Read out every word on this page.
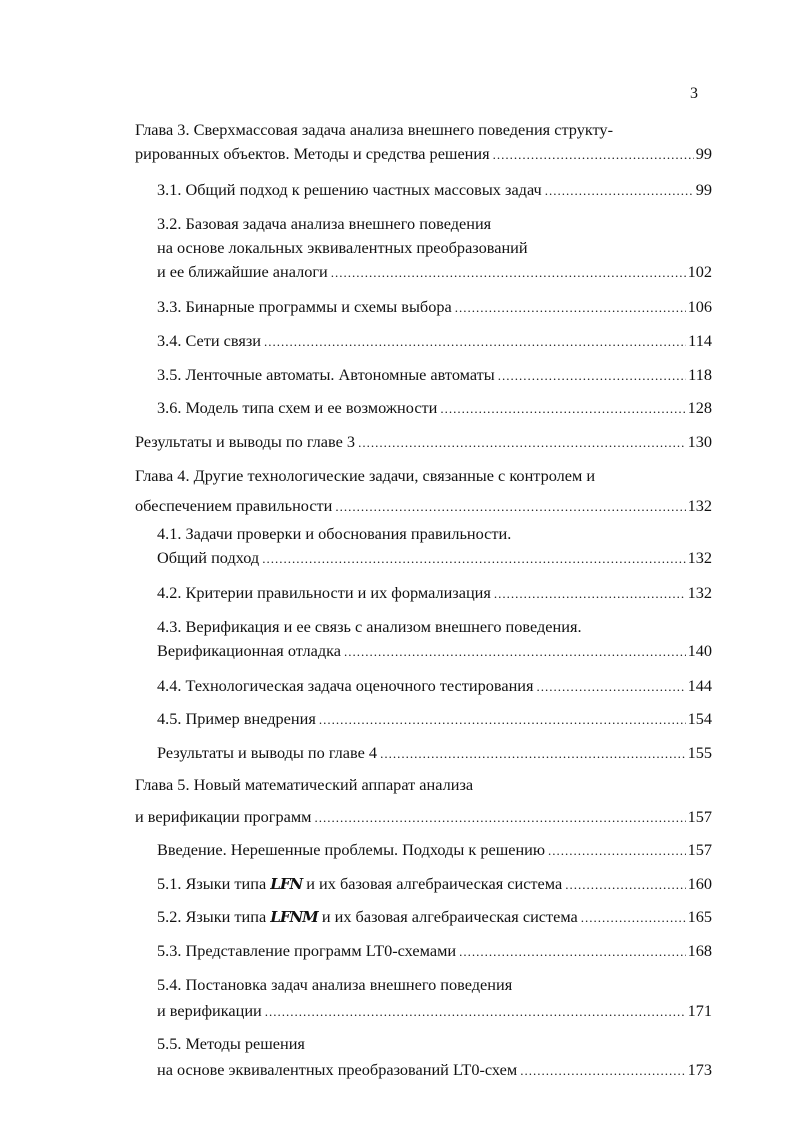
3
Глава 3. Сверхмассовая задача анализа внешнего поведения структу-
рированных объектов. Методы и средства решения .....	99
3.1. Общий подход к решению частных массовых задач .....	99
3.2. Базовая задача анализа внешнего поведения
на основе локальных эквивалентных преобразований
и ее ближайшие аналоги .....	102
3.3. Бинарные программы и схемы выбора .....	106
3.4. Сети связи .....	114
3.5. Ленточные автоматы. Автономные автоматы .....	118
3.6. Модель типа схем и ее возможности .....	128
Результаты и выводы по главе 3 .....	130
Глава 4. Другие технологические задачи, связанные с контролем и
обеспечением правильности .....	132
4.1. Задачи проверки и обоснования правильности.
Общий подход .....	132
4.2. Критерии правильности и их формализация .....	132
4.3. Верификация и ее связь с анализом внешнего поведения.
Верификационная отладка .....	140
4.4. Технологическая задача оценочного тестирования .....	144
4.5. Пример внедрения .....	154
Результаты и выводы по главе 4 .....	155
Глава 5. Новый математический аппарат анализа
и верификации программ .....	157
Введение. Нерешенные проблемы. Подходы к решению .....	157
5.1. Языки типа LFN и их базовая алгебраическая система .....	160
5.2. Языки типа LFNM и их базовая алгебраическая система .....	165
5.3. Представление программ LT0-схемами .....	168
5.4. Постановка задач анализа внешнего поведения
и верификации .....	171
5.5. Методы решения
на основе эквивалентных преобразований LT0-схем .....	173
